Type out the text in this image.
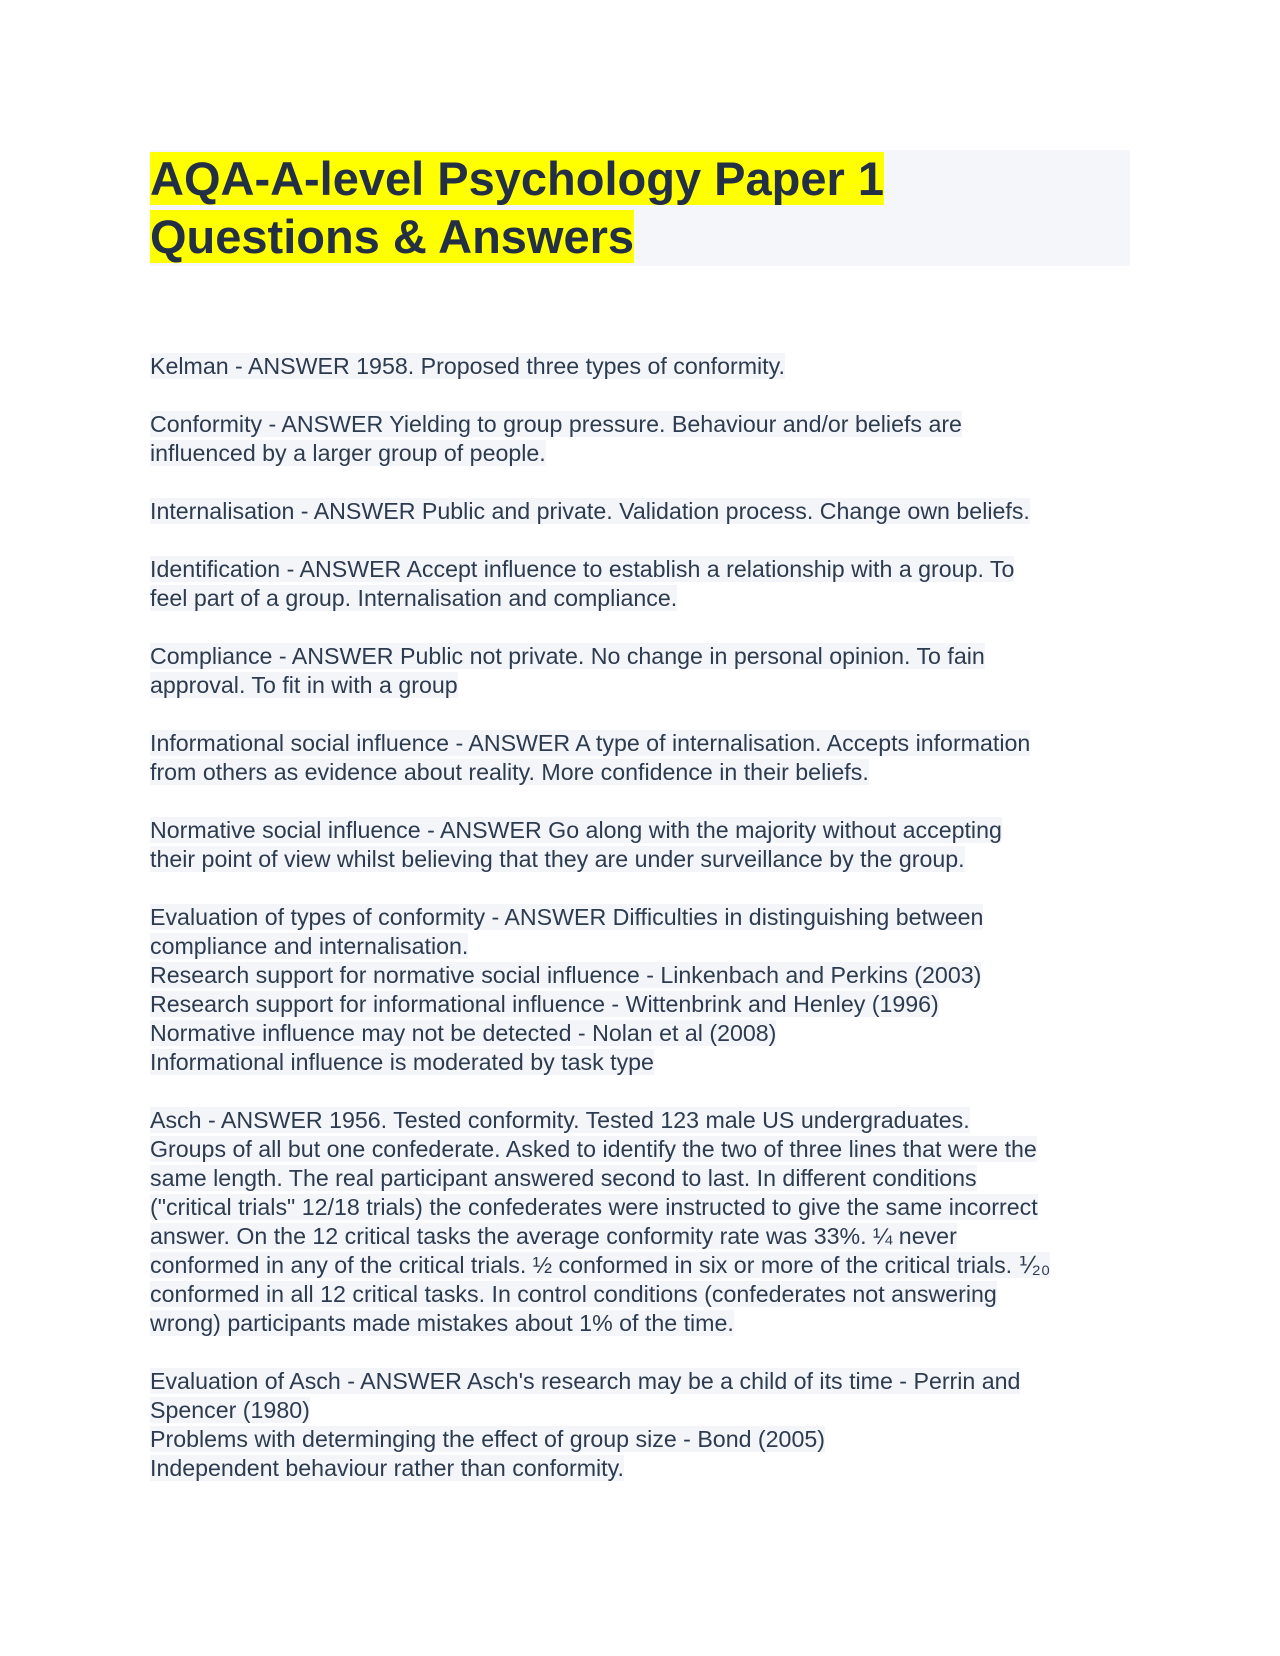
AQA-A-level Psychology Paper 1
Questions & Answers
Kelman - ANSWER 1958. Proposed three types of conformity.
Conformity - ANSWER Yielding to group pressure. Behaviour and/or beliefs are
influenced by a larger group of people.
Internalisation - ANSWER Public and private. Validation process. Change own beliefs.
Identification - ANSWER Accept influence to establish a relationship with a group. To
feel part of a group. Internalisation and compliance.
Compliance - ANSWER Public not private. No change in personal opinion. To fain
approval. To fit in with a group
Informational social influence - ANSWER A type of internalisation. Accepts information
from others as evidence about reality. More confidence in their beliefs.
Normative social influence - ANSWER Go along with the majority without accepting
their point of view whilst believing that they are under surveillance by the group.
Evaluation of types of conformity - ANSWER Difficulties in distinguishing between
compliance and internalisation.
Research support for normative social influence - Linkenbach and Perkins (2003)
Research support for informational influence - Wittenbrink and Henley (1996)
Normative influence may not be detected - Nolan et al (2008)
Informational influence is moderated by task type
Asch - ANSWER 1956. Tested conformity. Tested 123 male US undergraduates.
Groups of all but one confederate. Asked to identify the two of three lines that were the
same length. The real participant answered second to last. In different conditions
("critical trials" 12/18 trials) the confederates were instructed to give the same incorrect
answer. On the 12 critical tasks the average conformity rate was 33%. ¼ never
conformed in any of the critical trials. ½ conformed in six or more of the critical trials. ⅟₂₀
conformed in all 12 critical tasks. In control conditions (confederates not answering
wrong) participants made mistakes about 1% of the time.
Evaluation of Asch - ANSWER Asch's research may be a child of its time - Perrin and
Spencer (1980)
Problems with determinging the effect of group size - Bond (2005)
Independent behaviour rather than conformity.
